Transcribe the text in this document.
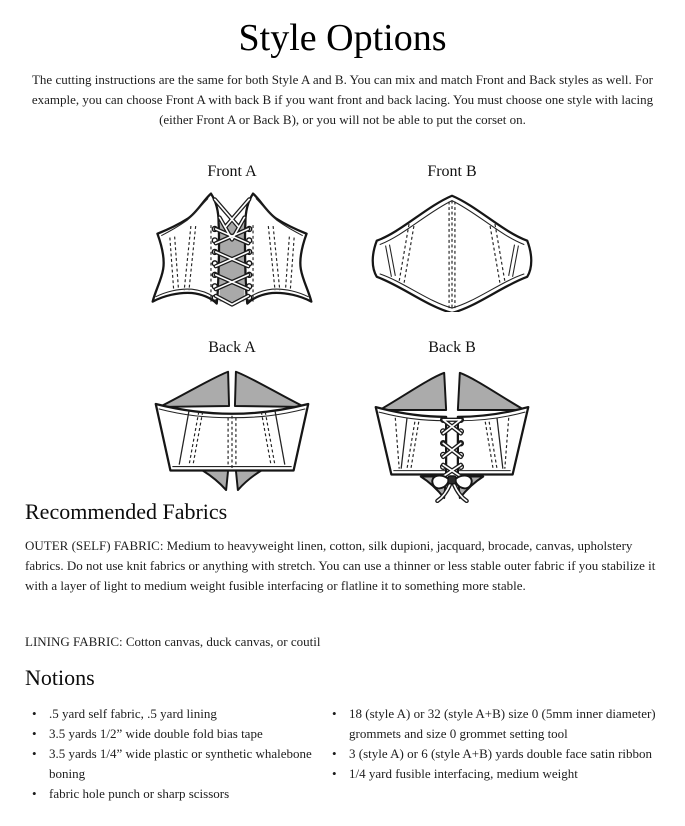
Style Options
The cutting instructions are the same for both Style A and B. You can mix and match Front and Back styles as well. For example, you can choose Front A with back B if you want front and back lacing. You must choose one style with lacing (either Front A or Back B), or you will not be able to put the corset on.
Front A	Front B
Back A	Back B
Recommended Fabrics
OUTER (SELF) FABRIC: Medium to heavyweight linen, cotton, silk dupioni, jacquard, brocade, canvas, upholstery fabrics. Do not use knit fabrics or anything with stretch. You can use a thinner or less stable outer fabric if you stabilize it with a layer of light to medium weight fusible interfacing or flatline it to something more stable.
LINING FABRIC: Cotton canvas, duck canvas, or coutil
Notions
• .5 yard self fabric, .5 yard lining
• 3.5 yards 1/2” wide double fold bias tape
• 3.5 yards 1/4” wide plastic or synthetic whalebone boning
• fabric hole punch or sharp scissors
• 18 (style A) or 32 (style A+B) size 0 (5mm inner diameter) grommets and size 0 grommet setting tool
• 3 (style A) or 6 (style A+B) yards double face satin ribbon
• 1/4 yard fusible interfacing, medium weight
